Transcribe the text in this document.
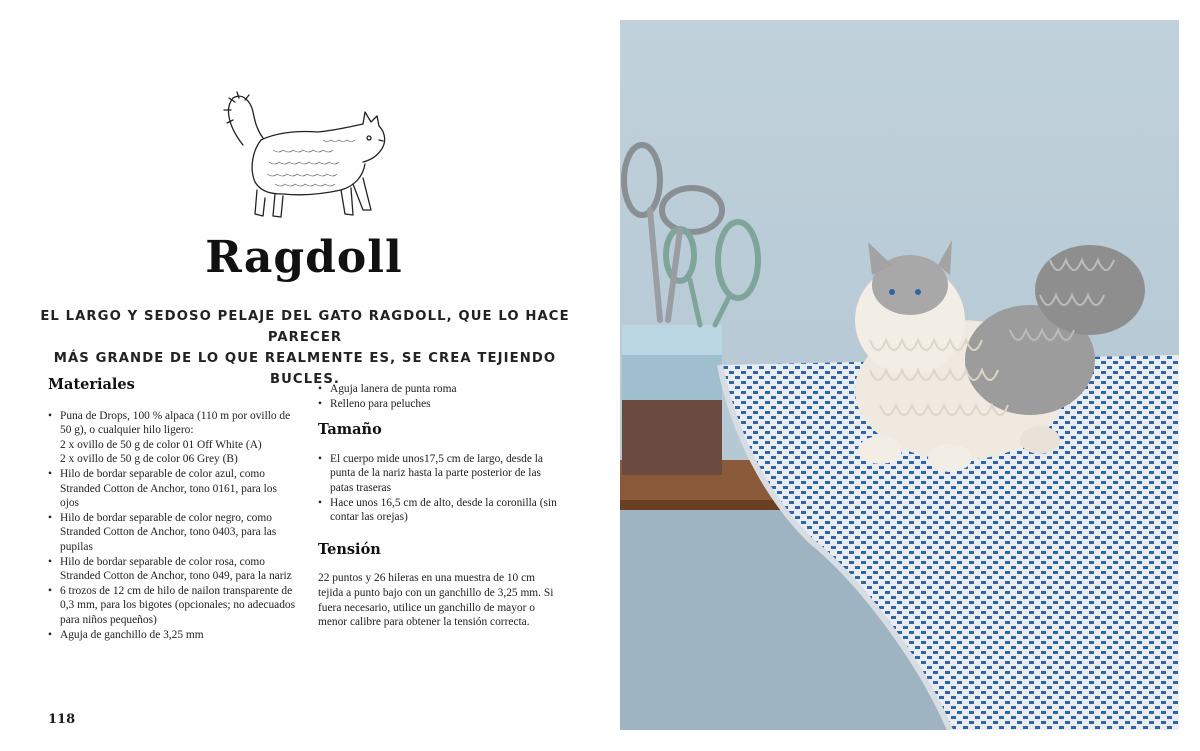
Ragdoll
EL LARGO Y SEDOSO PELAJE DEL GATO RAGDOLL, QUE LO HACE PARECER
MÁS GRANDE DE LO QUE REALMENTE ES, SE CREA TEJIENDO BUCLES.
Materiales
• Puna de Drops, 100 % alpaca (110 m por ovillo de 50 g), o cualquier hilo ligero:
2 x ovillo de 50 g de color 01 Off White (A)
2 x ovillo de 50 g de color 06 Grey (B)
• Hilo de bordar separable de color azul, como Stranded Cotton de Anchor, tono 0161, para los ojos
• Hilo de bordar separable de color negro, como Stranded Cotton de Anchor, tono 0403, para las pupilas
• Hilo de bordar separable de color rosa, como Stranded Cotton de Anchor, tono 049, para la nariz
• 6 trozos de 12 cm de hilo de nailon transparente de 0,3 mm, para los bigotes (opcionales; no adecuados para niños pequeños)
• Aguja de ganchillo de 3,25 mm
• Aguja lanera de punta roma
• Relleno para peluches
Tamaño
• El cuerpo mide unos17,5 cm de largo, desde la punta de la nariz hasta la parte posterior de las patas traseras
• Hace unos 16,5 cm de alto, desde la coronilla (sin contar las orejas)
Tensión

22 puntos y 26 hileras en una muestra de 10 cm tejida a punto bajo con un ganchillo de 3,25 mm. Si fuera necesario, utilice un ganchillo de mayor o menor calibre para obtener la tensión correcta.

118
